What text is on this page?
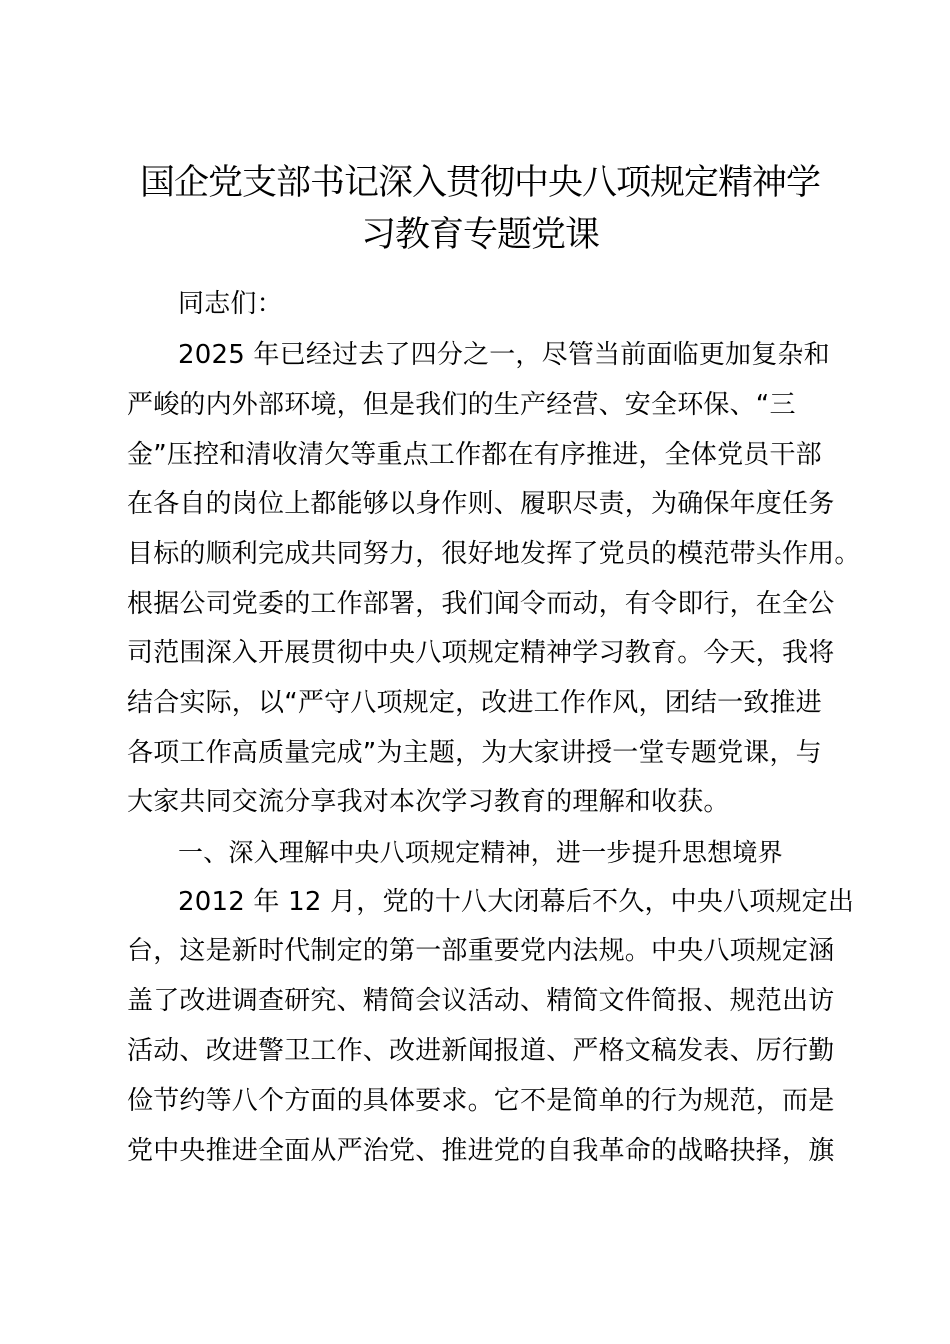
国企党支部书记深入贯彻中央八项规定精神学
习教育专题党课
同志们：
2025 年已经过去了四分之一，尽管当前面临更加复杂和
严峻的内外部环境，但是我们的生产经营、安全环保、“三
金”压控和清收清欠等重点工作都在有序推进，全体党员干部
在各自的岗位上都能够以身作则、履职尽责，为确保年度任务
目标的顺利完成共同努力，很好地发挥了党员的模范带头作用。
根据公司党委的工作部署，我们闻令而动，有令即行，在全公
司范围深入开展贯彻中央八项规定精神学习教育。今天，我将
结合实际，以“严守八项规定，改进工作作风，团结一致推进
各项工作高质量完成”为主题，为大家讲授一堂专题党课，与
大家共同交流分享我对本次学习教育的理解和收获。
一、深入理解中央八项规定精神，进一步提升思想境界
2012 年 12 月，党的十八大闭幕后不久，中央八项规定出
台，这是新时代制定的第一部重要党内法规。中央八项规定涵
盖了改进调查研究、精简会议活动、精简文件简报、规范出访
活动、改进警卫工作、改进新闻报道、严格文稿发表、厉行勤
俭节约等八个方面的具体要求。它不是简单的行为规范，而是
党中央推进全面从严治党、推进党的自我革命的战略抉择，旗
